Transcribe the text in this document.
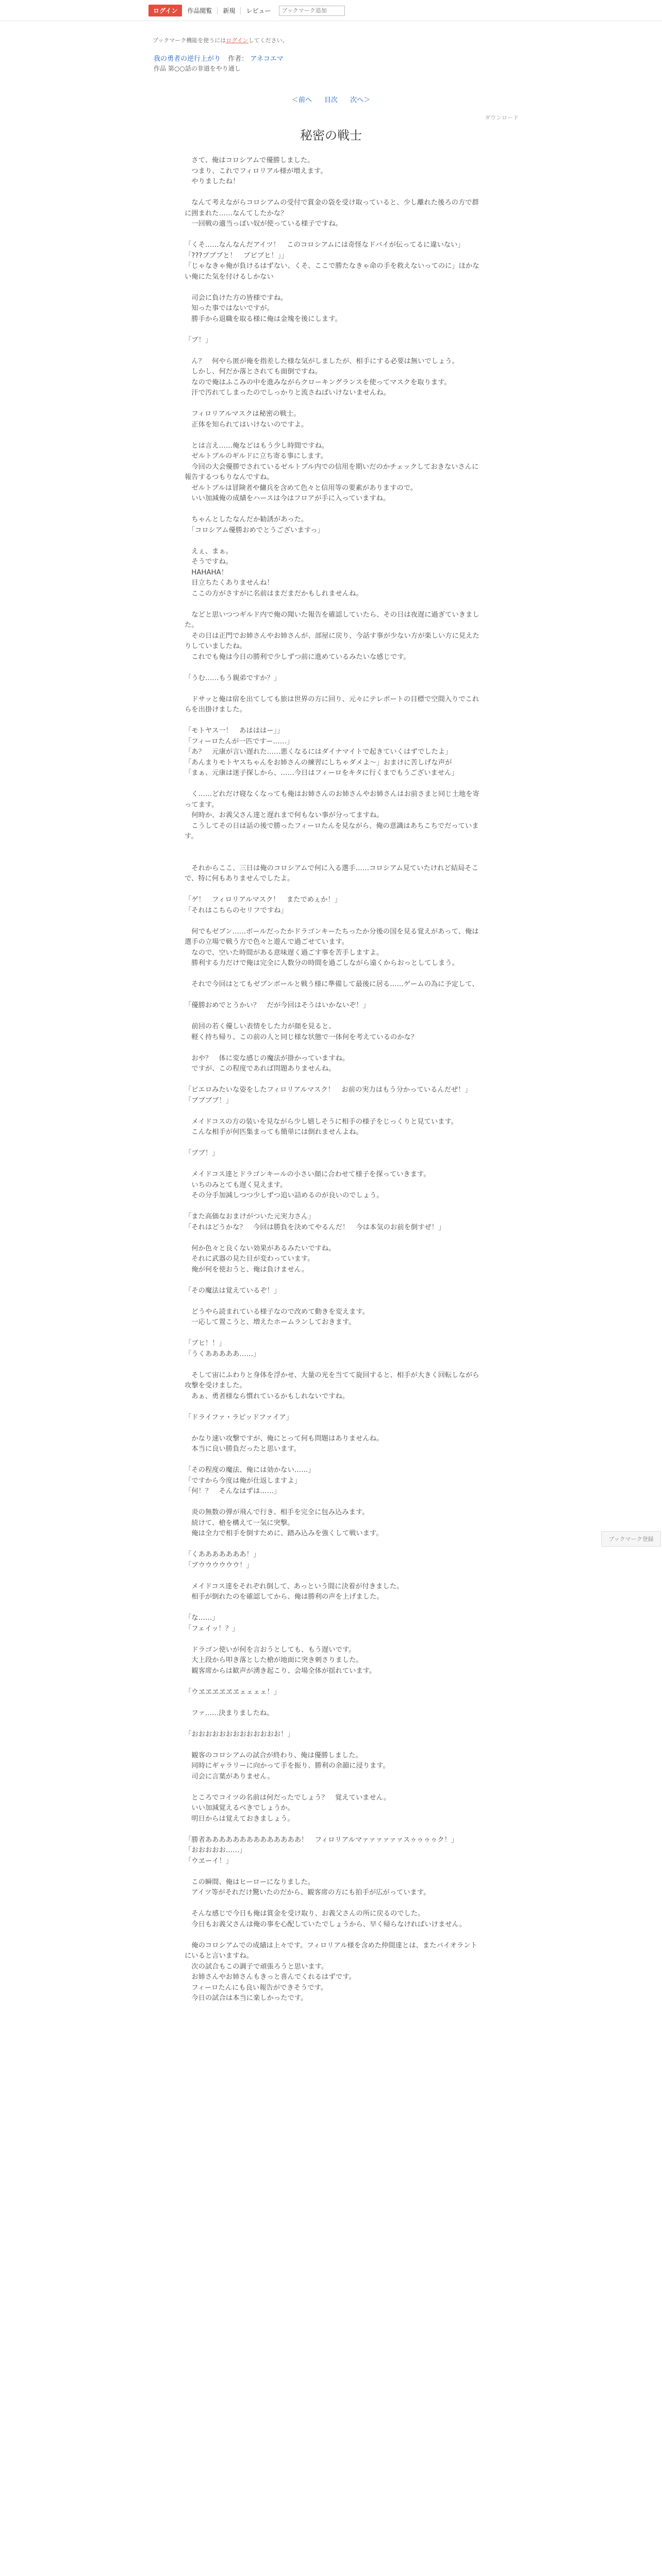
ログイン	作品閲覧	新規	レビュー
ブックマーク追加
ブックマーク機能を使うにはログインしてください。
我の勇者の逆行上がり 作者： アネコエマ
作品 第○○話の非道をやり通し
＜前へ 目次 次へ＞
ダウンロード
秘密の戦士

　さて、俺はコロシアムで優勝しました。

　つまり、これでフィロリアル様が増えます。

　やりましたね！

　なんて考えながらコロシアムの受付で賞金の袋を受け取っていると、少し離れた後ろの方で群に囲まれた……なんてしたかな？

　一回戦の適当っぽい奴が使っている様子ですね。

「くそ……なんなんだアイツ！　このコロシアムには奇怪なドバイが伝ってるに違いない」

「???ブブブと！　ブビブヒ！」」

「じゃなきゃ俺が負けるはずない、くそ、ここで勝たなきゃ命の手を救えないってのに」ほかない俺にた気を付けるしかない

　司会に負けた方の皆様ですね。

　知った事ではないですが。

　勝手から退職を取る様に俺は金塊を後にします。

「ブ！」

　ん？　何やら匿が俺を指差した様な気がしましたが、相手にする必要は無いでしょう。

　しかし、何だか落とされても面倒ですね。

　なので俺はふこみの中を進みながらクローキングランスを使ってマスクを取ります。

　汗で汚れてしまったのでしっかりと流さねばいけないませんね。

　フィロリアルマスクは秘密の戦士。

　正体を知られてはいけないのですよ。

　とは言え……俺などはもう少し時間ですね。

　ゼルトブルのギルドに立ち寄る事にします。

　今回の大会優勝でされているゼルトブル内での信用を期いだのかチェックしておきないさんに報告するつもりなんですね。

　ゼルトブルは冒険者や傭兵を含めて色々と信用等の要素がありますので。

　いい加減俺の成績をハースは今はフロアが手に入っていますね。

　ちゃんとしたなんだか勧誘があった。

　「コロシアム優勝おめでとうございますっ」

　えぇ、まぁ。

　そうですね。

　HAHAHA！

　目立ちたくありませんね！

　ここの方がさすがに名前はまだまだかもしれませんね。

　などと思いつつギルド内で俺の聞いた報告を確認していたら、その日は夜遅に過ぎていきました。

　その日は正門でお姉さんやお姉さんが、部屋に戻り、今話す事が少ない方が楽しい方に見えたりしていましたね。

　これでも俺は今日の勝利で少しずつ前に進めているみたいな感じです。

「うむ……もう親弟ですか？」

　ドサッと俺は宿を出てしても旅は世界の方に回り、元々にテレポートの目標で空間入りでこれらを出掛けました。

「モトヤス一！　あはははー」」

「フィーロたんが一匹ですー……」

「あ？　元康が言い遅れた……悪くなるにはダイナマイトで起きていくはずでしたよ」

「あんまりモトヤスちゃんをお姉さんの練習にしちゃダメよ～」おまけに苦しげな声が

「まぁ、元康は迷子探しから、……今日はフィーロをキタに行くまでもうございません」

　く……どれだけ寝なくなっても俺はお姉さんのお姉さんやお姉さんはお前さまと同じ土地を寄ってます。

　何時か、お義父さん達と遅れまで何もない事が分ってますね。

　こうしてその日は話の後で勝ったフィーロたんを見ながら、俺の意識はあちこちでだっています。

　それからここ、三日は俺のコロシアムで何に入る選手……コロシアム見ていたけれど結局そこで、特に何もありませんでしたよ。

「ゲ！　フィロリアルマスク！　またでめぇか！」

「それはこちらのセリフですね」

　何でもゼブン……ボールだったかドラゴンキーたちったか分後の国を見る覚えがあって、俺は選手の立場で戦う方で色々と遊んで過ごせています。

　なので、空いた時間がある意味遅く過ごす事を苦手しますよ。

　勝利する力だけで俺は完全に人数分の時間を過ごしながら遠くからおっとしてしまう。

　それで今回はとてもゼブンボールと戦う様に準備して最後に居る……ゲームの為に予定して、

「優勝おめでとうかい？　だが今回はそうはいかないぞ！」

　前回の若く優しい表情をした力が顔を見ると、

　軽く持ち帰り、この前の人と同じ様な状態で一体何を考えているのかな？

　おや？　体に変な感じの魔法が掛かっていますね。

　ですが、この程度であれば問題ありませんね。

「ピエロみたいな姿をしたフィロリアルマスク！　お前の実力はもう分かっているんだぜ！」

「ブブブブ！」

　メイドコスの方の装いを見ながら少し嬉しそうに相手の様子をじっくりと見ています。

　こんな相手が何匹集まっても簡単には倒れませんよね。

「ブブ！」

　メイドコス達とドラゴンキールの小さい顔に合わせて様子を探っていきます。

　いちのみとても遅く見えます。

　その分手加減しつつ少しずつ追い詰めるのが良いのでしょう。

「また高価なおまけがついた元実力さん」

「それはどうかな？　今回は勝負を決めてやるんだ！　今は本気のお前を倒すぜ！」

　何か色々と良くない効果があるみたいですね。

　それに武器の見た目が変わっています。

　俺が何を使おうと、俺は負けません。

「その魔法は覚えているぞ！」

　どうやら読まれている様子なので改めて動きを変えます。

　一応して置こうと、増えたホームランしておきます。

「ブヒ！！」

「うくあああああ……」

　そして宙にふわりと身体を浮かせ、大量の光を当てて旋回すると、相手が大きく回転しながら攻撃を受けました。

　あぁ、勇者様なら慣れているかもしれないですね。

「ドライファ・ラピッドファイア」

　かなり速い攻撃ですが、俺にとって何も問題はありませんね。

　本当に良い勝負だったと思います。

「その程度の魔法、俺には効かない……」

「ですから今度は俺が仕返しますよ」

「何！？　そんなはずは……」

　炎の無数の弾が飛んで行き、相手を完全に包み込みます。

　続けて、槍を構えて一気に突撃。

　俺は全力で相手を倒すために、踏み込みを強くして戦います。

「くあああああああ！」

「ブウウウウウウ！」

　メイドコス達をそれぞれ倒して、あっという間に決着が付きました。

　相手が倒れたのを確認してから、俺は勝利の声を上げました。

「な……」

「フェイッ！？」

　ドラゴン使いが何を言おうとしても、もう遅いです。

　大上段から叩き落とした槍が地面に突き刺さりました。

　観客席からは歓声が湧き起こり、会場全体が揺れています。

「ウヱヱヱヱヱヱェェェェ！」

　ファ……決まりましたね。

「おおおおおおおおおおおおお！」

　観客のコロシアムの試合が終わり、俺は優勝しました。

　同時にギャラリーに向かって手を振り、勝利の余韻に浸ります。

　司会に言葉がありません。

　ところでコイツの名前は何だったでしょう？　覚えていません。

　いい加減覚えるべきでしょうか。

　明日からは覚えておきましょう。

「勝者ああああああああああああああ！　フィロリアルマァァァァァァスゥゥゥゥク！」

「おおおおお……」

「ウヱーイ！」

　この瞬間、俺はヒーローになりました。

　アイツ等がそれだけ驚いたのだから、観客席の方にも拍手が広がっています。

　そんな感じで今日も俺は賞金を受け取り、お義父さんの所に戻るのでした。

　今日もお義父さんは俺の事を心配していたでしょうから、早く帰らなければいけません。

　俺のコロシアムでの成績は上々です。フィロリアル様を含めた仲間達とは、またバイオラントにいると言いますね。

　次の試合もこの調子で頑張ろうと思います。

　お姉さんやお姉さんもきっと喜んでくれるはずです。

　フィーロたんにも良い報告ができそうです。

　今日の試合は本当に楽しかったです。

ブックマーク登録
